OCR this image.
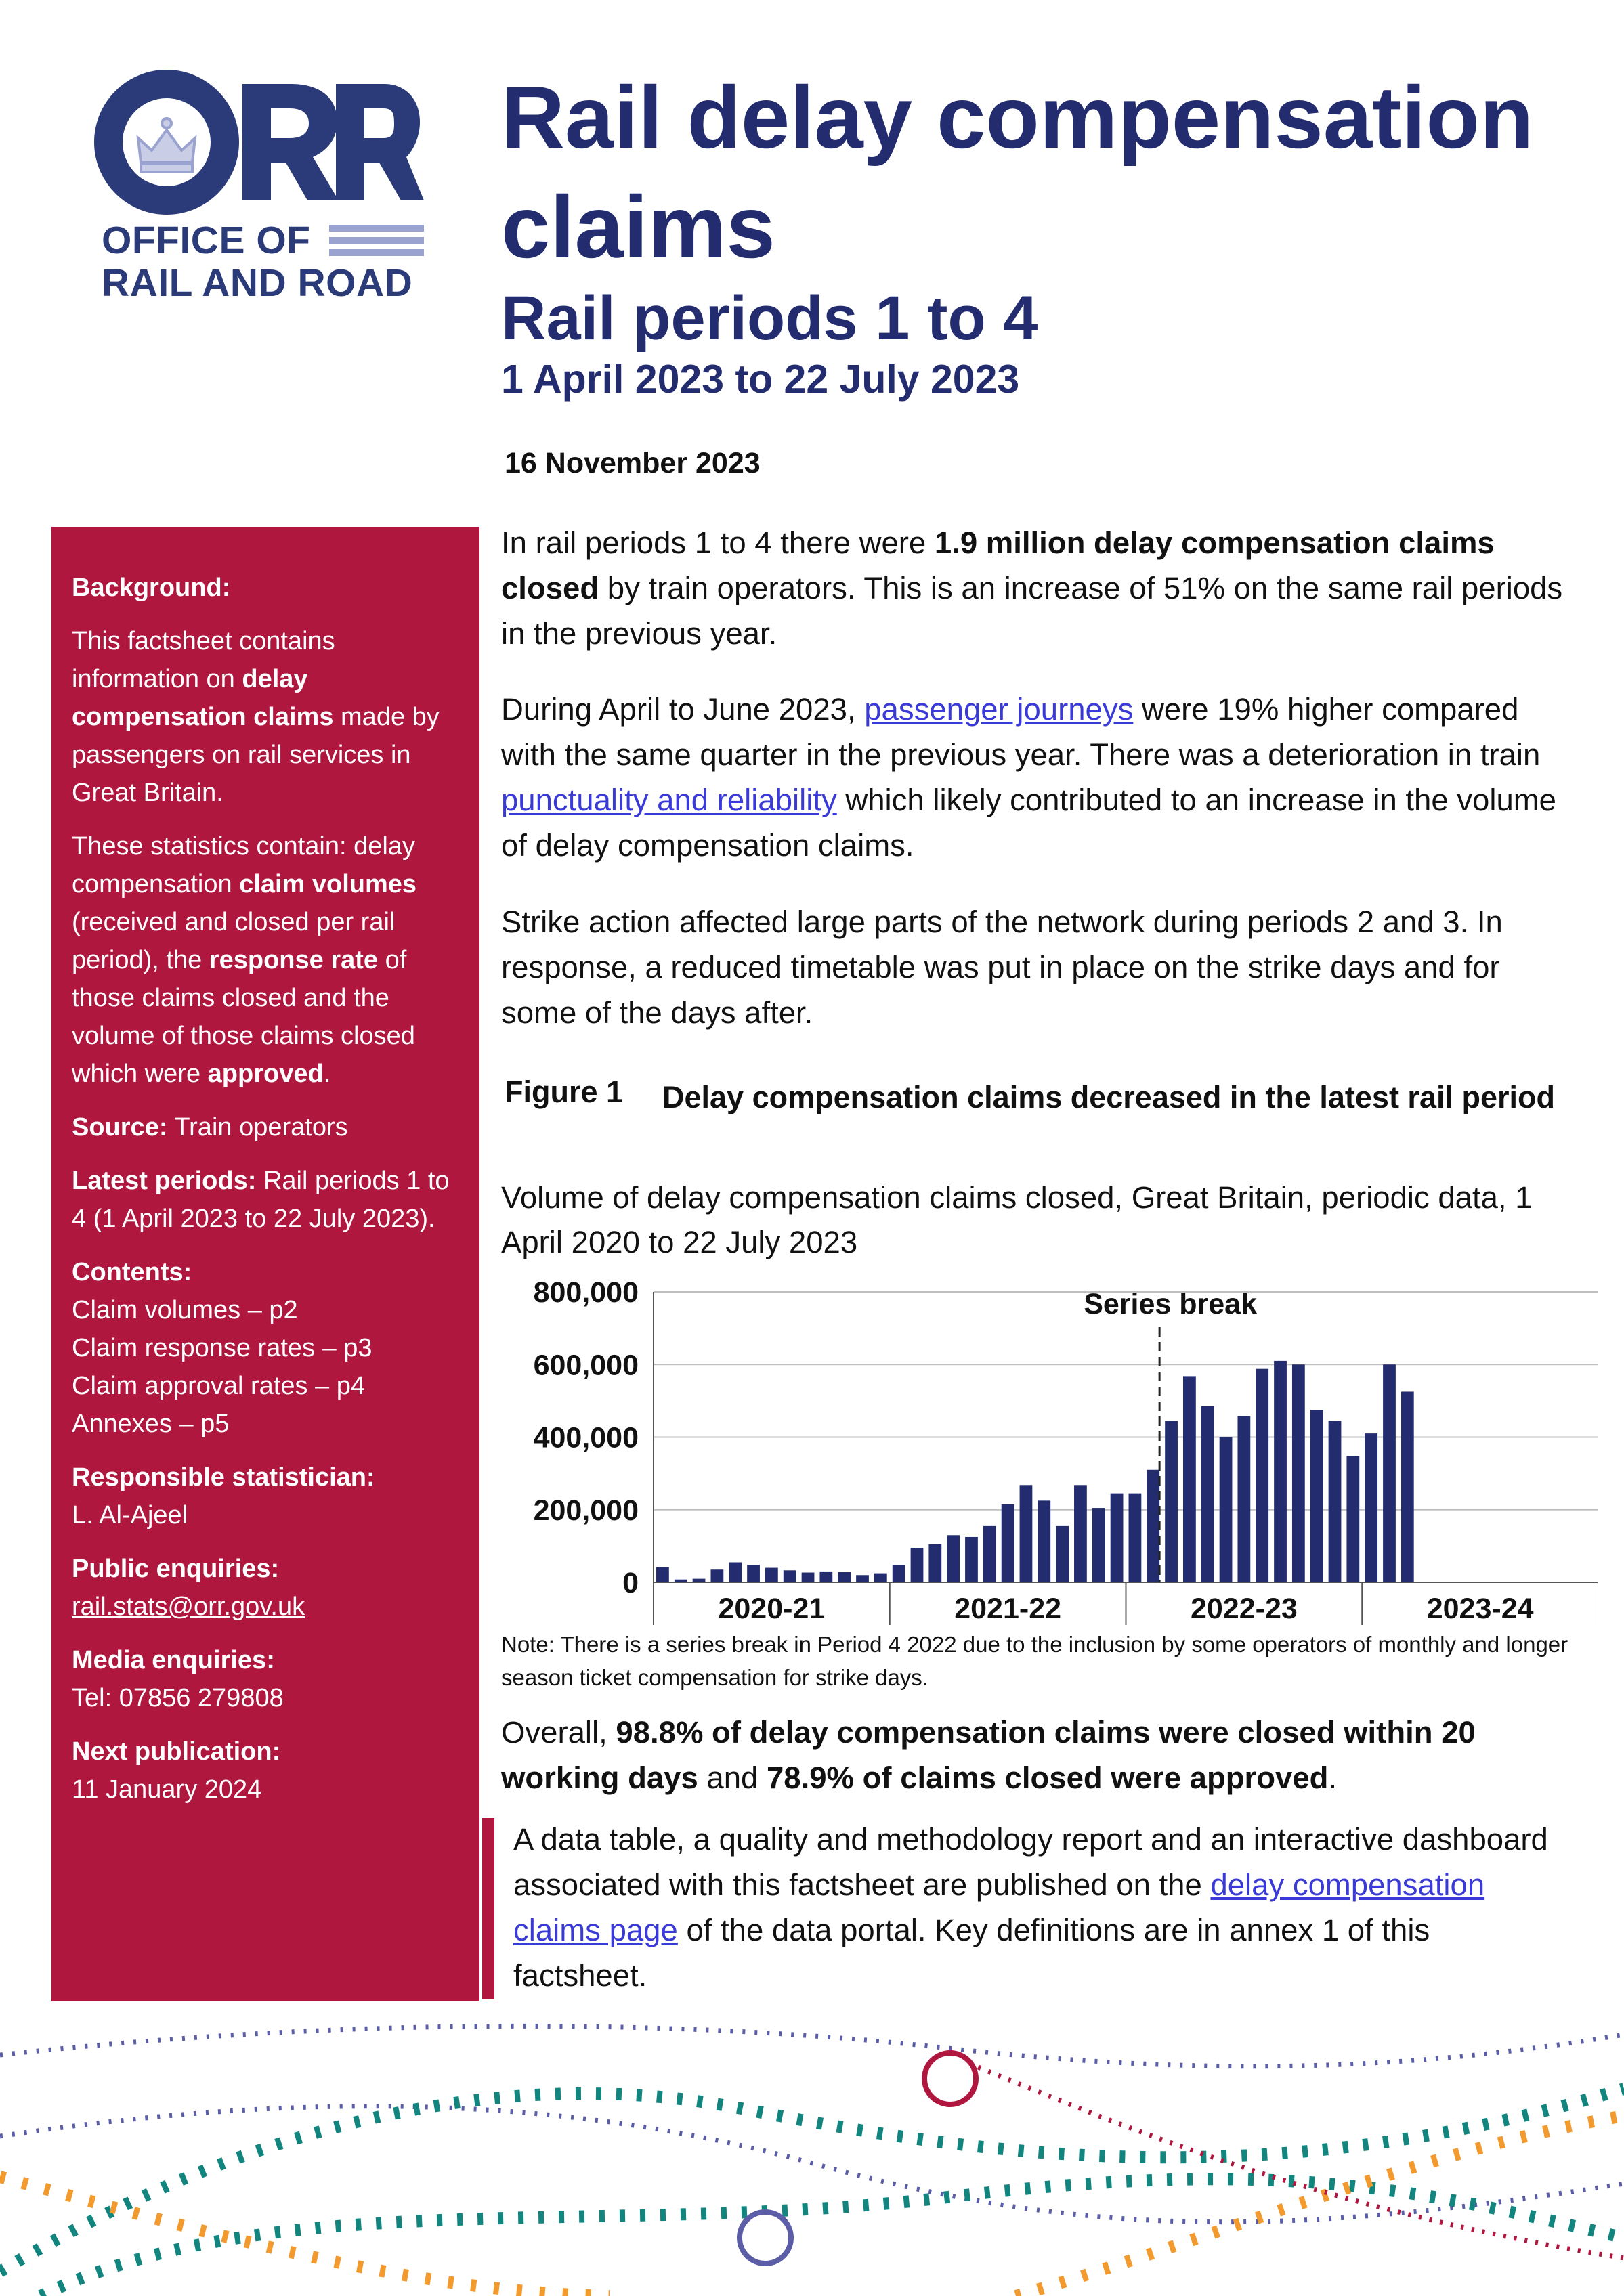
OFFICE OF
RAIL AND ROAD
Rail delay compensation claims
Rail periods 1 to 4
1 April 2023 to 22 July 2023
16 November 2023
Background:

This factsheet contains information on delay compensation claims made by passengers on rail services in Great Britain.

These statistics contain: delay compensation claim volumes (received and closed per rail period), the response rate of those claims closed and the volume of those claims closed which were approved.

Source: Train operators

Latest periods: Rail periods 1 to 4 (1 April 2023 to 22 July 2023).

Contents:
Claim volumes – p2
Claim response rates – p3
Claim approval rates – p4
Annexes – p5

Responsible statistician:
L. Al-Ajeel

Public enquiries:
rail.stats@orr.gov.uk

Media enquiries:
Tel: 07856 279808

Next publication:
11 January 2024

In rail periods 1 to 4 there were 1.9 million delay compensation claims closed by train operators. This is an increase of 51% on the same rail periods in the previous year.

During April to June 2023, passenger journeys were 19% higher compared with the same quarter in the previous year. There was a deterioration in train punctuality and reliability which likely contributed to an increase in the volume of delay compensation claims.

Strike action affected large parts of the network during periods 2 and 3. In response, a reduced timetable was put in place on the strike days and for some of the days after.

Figure 1 Delay compensation claims decreased in the latest rail period
Volume of delay compensation claims closed, Great Britain, periodic data, 1 April 2020 to 22 July 2023
0
200,000
400,000
600,000
800,000
2020-21	2021-22	2022-23	2023-24
Series break
Note: There is a series break in Period 4 2022 due to the inclusion by some operators of monthly and longer season ticket compensation for strike days.

Overall, 98.8% of delay compensation claims were closed within 20 working days and 78.9% of claims closed were approved.

A data table, a quality and methodology report and an interactive dashboard associated with this factsheet are published on the delay compensation claims page of the data portal. Key definitions are in annex 1 of this factsheet.
